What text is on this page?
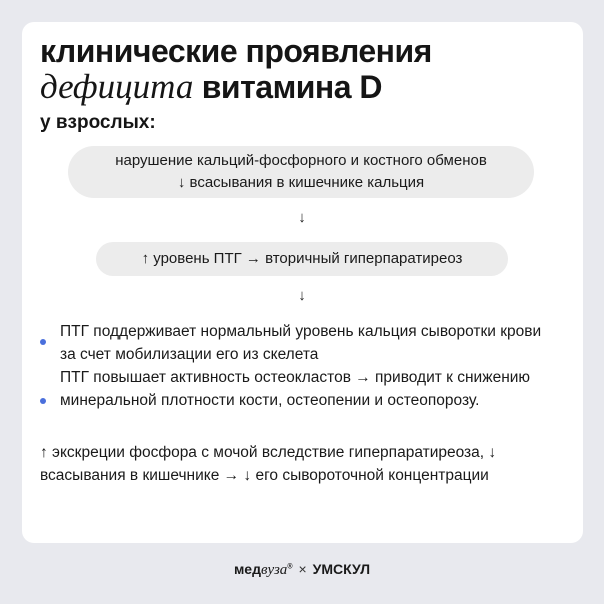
клинические проявления
дефицита витамина D

у взрослых:

нарушение кальций-фосфорного и костного обменов
↓ всасывания в кишечнике кальция
↓
↑ уровень ПТГ → вторичный гиперпаратиреоз
↓
ПТГ поддерживает нормальный уровень кальция сыворотки крови за счет мобилизации его из скелета
ПТГ повышает активность остеокластов → приводит к снижению минеральной плотности кости, остеопении и остеопорозу.
↑ экскреции фосфора с мочой вследствие гиперпаратиреоза, ↓ всасывания в кишечнике → ↓ его сывороточной концентрации
медвуза® × УМСКУЛ
